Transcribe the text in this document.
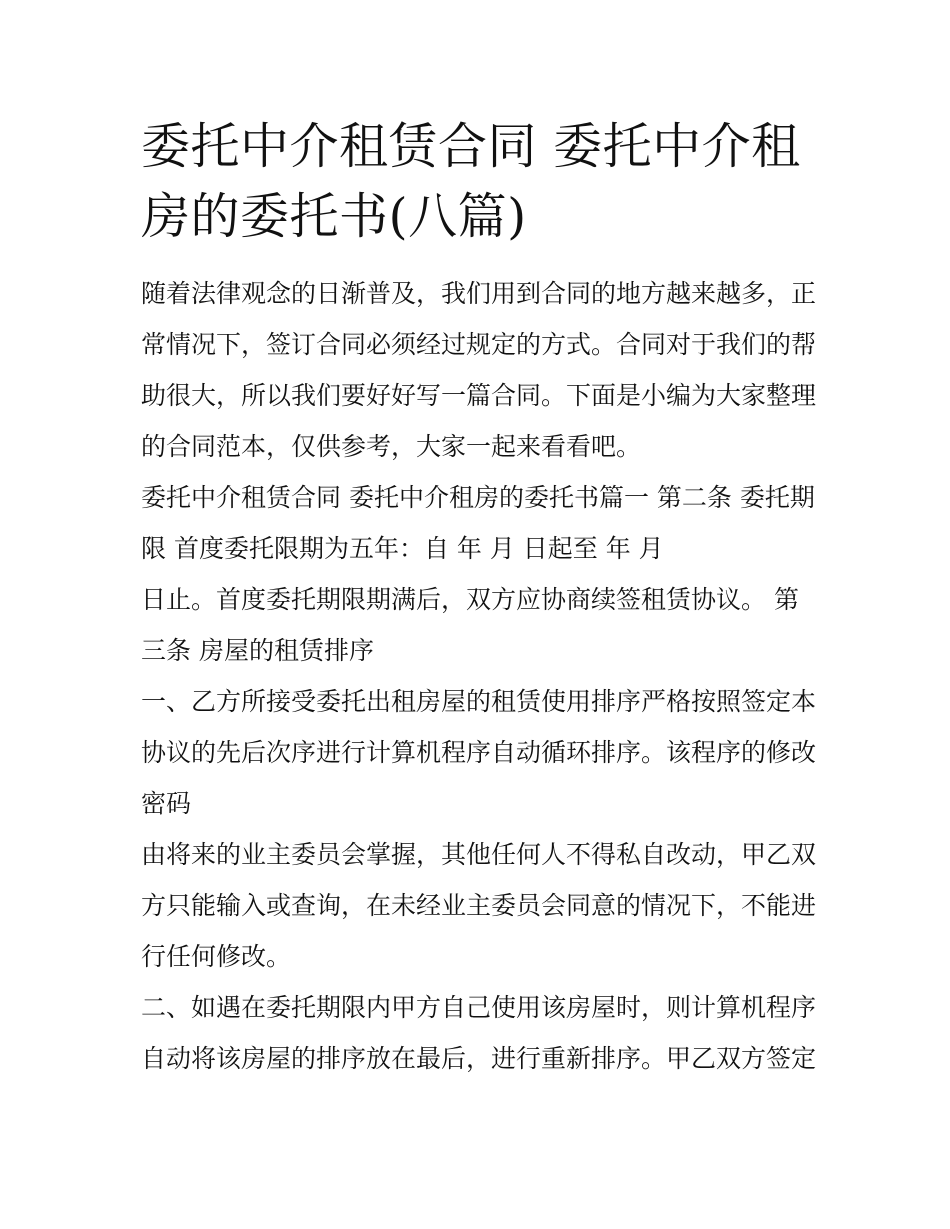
委托中介租赁合同 委托中介租
房的委托书(八篇)

随着法律观念的日渐普及，我们用到合同的地方越来越多，正
常情况下，签订合同必须经过规定的方式。合同对于我们的帮
助很大，所以我们要好好写一篇合同。下面是小编为大家整理
的合同范本，仅供参考，大家一起来看看吧。

委托中介租赁合同 委托中介租房的委托书篇一 第二条 委托期
限 首度委托限期为五年：自 年 月 日起至 年 月

日止。首度委托期限期满后，双方应协商续签租赁协议。 第
三条 房屋的租赁排序

一、乙方所接受委托出租房屋的租赁使用排序严格按照签定本
协议的先后次序进行计算机程序自动循环排序。该程序的修改
密码

由将来的业主委员会掌握，其他任何人不得私自改动，甲乙双
方只能输入或查询，在未经业主委员会同意的情况下，不能进
行任何修改。

二、如遇在委托期限内甲方自己使用该房屋时，则计算机程序
自动将该房屋的排序放在最后，进行重新排序。甲乙双方签定
